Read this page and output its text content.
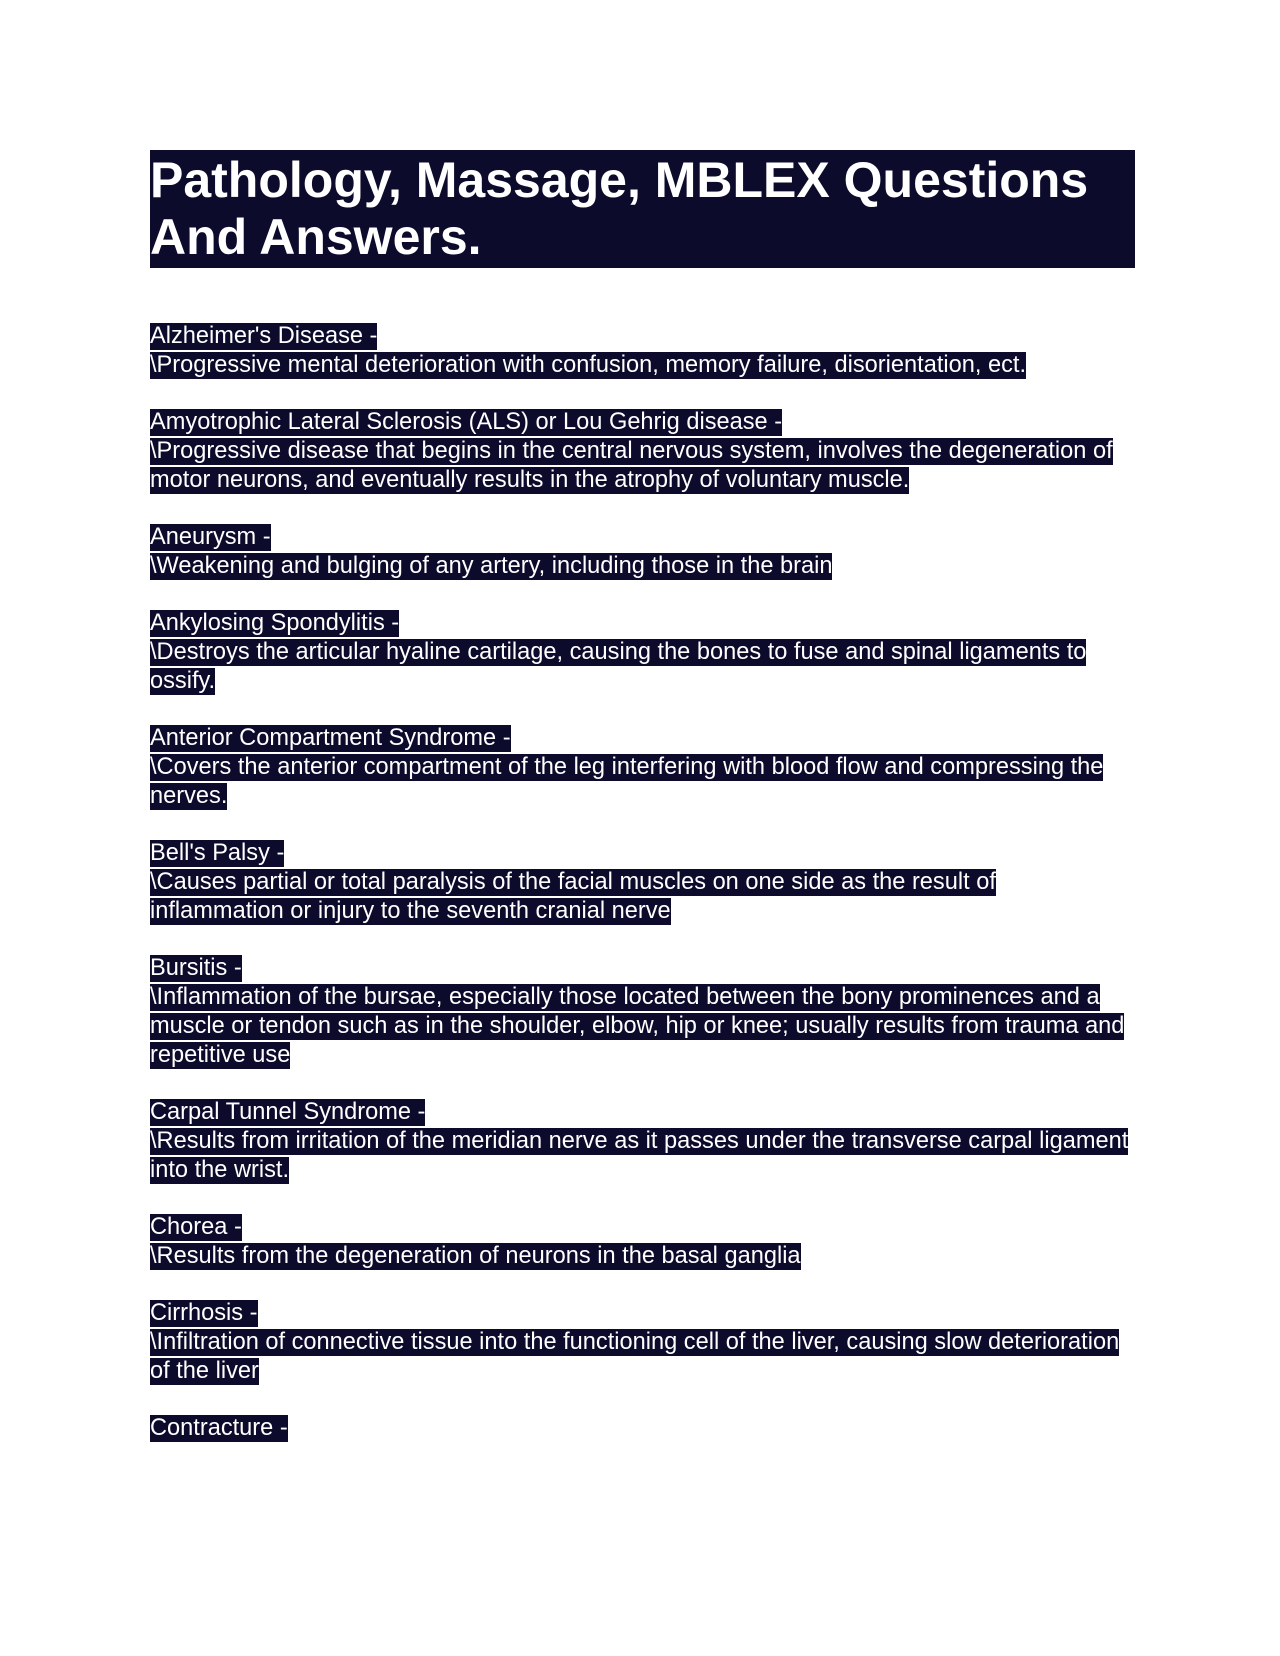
Pathology, Massage, MBLEX Questions And Answers.

Alzheimer's Disease -

\Progressive mental deterioration with confusion, memory failure, disorientation, ect.

Amyotrophic Lateral Sclerosis (ALS) or Lou Gehrig disease -

\Progressive disease that begins in the central nervous system, involves the degeneration of motor neurons, and eventually results in the atrophy of voluntary muscle.

Aneurysm -

\Weakening and bulging of any artery, including those in the brain

Ankylosing Spondylitis -

\Destroys the articular hyaline cartilage, causing the bones to fuse and spinal ligaments to ossify.

Anterior Compartment Syndrome -

\Covers the anterior compartment of the leg interfering with blood flow and compressing the nerves.

Bell's Palsy -

\Causes partial or total paralysis of the facial muscles on one side as the result of inflammation or injury to the seventh cranial nerve

Bursitis -

\Inflammation of the bursae, especially those located between the bony prominences and a muscle or tendon such as in the shoulder, elbow, hip or knee; usually results from trauma and repetitive use

Carpal Tunnel Syndrome -

\Results from irritation of the meridian nerve as it passes under the transverse carpal ligament into the wrist.

Chorea -

\Results from the degeneration of neurons in the basal ganglia

Cirrhosis -

\Infiltration of connective tissue into the functioning cell of the liver, causing slow deterioration of the liver

Contracture -
